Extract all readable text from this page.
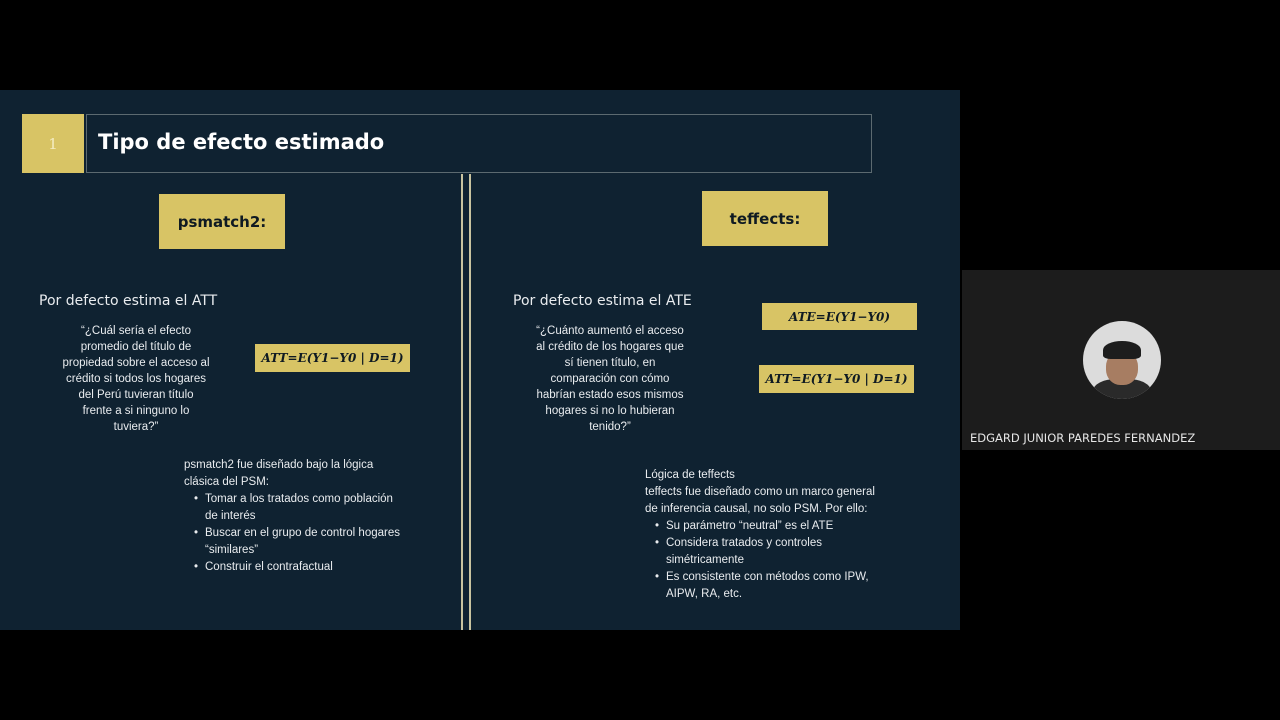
1	Tipo de efecto estimado
psmatch2:
Por defecto estima el ATT
“¿Cuál sería el efecto
promedio del título de
propiedad sobre el acceso al
crédito si todos los hogares
del Perú tuvieran título
frente a si ninguno lo
tuviera?”
ATT=E(Y1−Y0 | D=1)
psmatch2 fue diseñado bajo la lógica
clásica del PSM:
• Tomar a los tratados como población
de interés
• Buscar en el grupo de control hogares
“similares”
• Construir el contrafactual
teffects:
Por defecto estima el ATE
“¿Cuánto aumentó el acceso
al crédito de los hogares que
sí tienen título, en
comparación con cómo
habrían estado esos mismos
hogares si no lo hubieran
tenido?”
ATE=E(Y1−Y0)
ATT=E(Y1−Y0 | D=1)
Lógica de teffects
teffects fue diseñado como un marco general
de inferencia causal, no solo PSM. Por ello:
• Su parámetro “neutral” es el ATE
• Considera tratados y controles
simétricamente
• Es consistente con métodos como IPW,
AIPW, RA, etc.
EDGARD JUNIOR PAREDES FERNANDEZ
